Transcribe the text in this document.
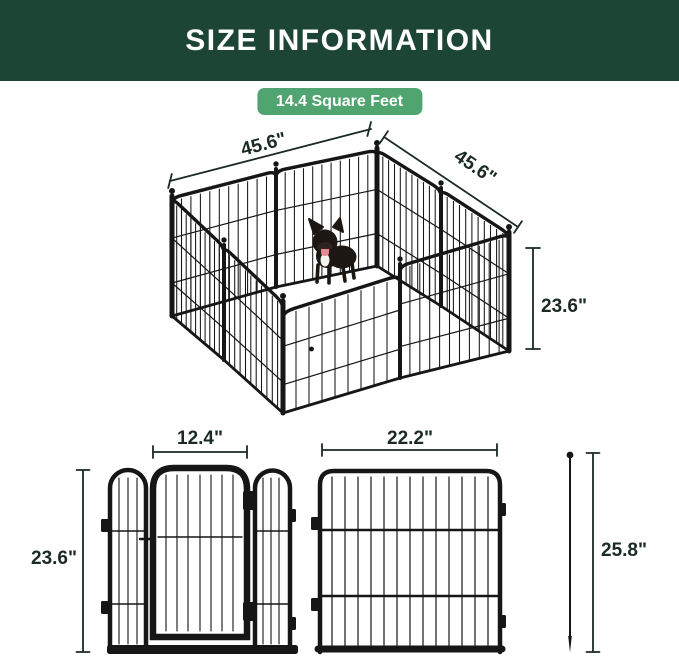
SIZE INFORMATION
14.4 Square Feet
45.6"
45.6"
23.6"
12.4"
23.6"
22.2"
25.8"
